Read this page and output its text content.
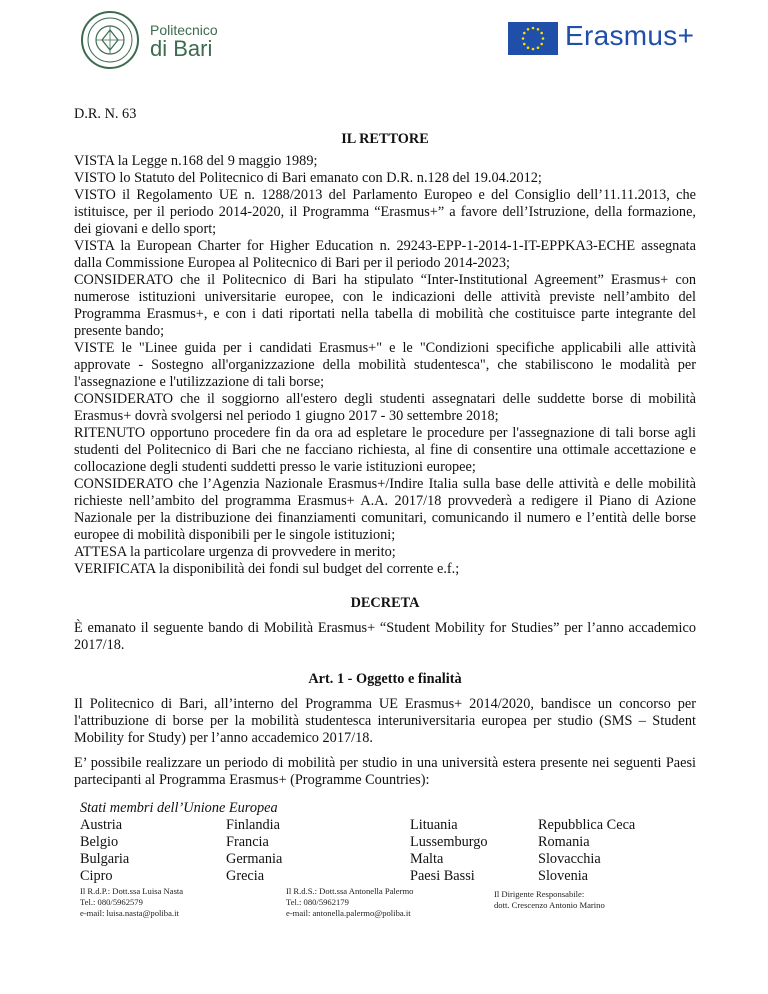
Politecnico
di Bari	Erasmus+

D.R. N. 63

IL RETTORE

VISTA la Legge n.168 del 9 maggio 1989;

VISTO lo Statuto del Politecnico di Bari emanato con D.R. n.128 del 19.04.2012;

VISTO il Regolamento UE n. 1288/2013 del Parlamento Europeo e del Consiglio dell’11.11.2013, che istituisce, per il periodo 2014-2020, il Programma “Erasmus+” a favore dell’Istruzione, della formazione, dei giovani e dello sport;

VISTA la European Charter for Higher Education n. 29243-EPP-1-2014-1-IT-EPPKA3-ECHE assegnata dalla Commissione Europea al Politecnico di Bari per il periodo 2014-2023;

CONSIDERATO che il Politecnico di Bari ha stipulato “Inter-Institutional Agreement” Erasmus+ con numerose istituzioni universitarie europee, con le indicazioni delle attività previste nell’ambito del Programma Erasmus+, e con i dati riportati nella tabella di mobilità che costituisce parte integrante del presente bando;

VISTE le "Linee guida per i candidati Erasmus+" e le "Condizioni specifiche applicabili alle attività approvate - Sostegno all'organizzazione della mobilità studentesca", che stabiliscono le modalità per l'assegnazione e l'utilizzazione di tali borse;

CONSIDERATO che il soggiorno all'estero degli studenti assegnatari delle suddette borse di mobilità Erasmus+ dovrà svolgersi nel periodo 1 giugno 2017 - 30 settembre 2018;

RITENUTO opportuno procedere fin da ora ad espletare le procedure per l'assegnazione di tali borse agli studenti del Politecnico di Bari che ne facciano richiesta, al fine di consentire una ottimale accettazione e collocazione degli studenti suddetti presso le varie istituzioni europee;

CONSIDERATO che l’Agenzia Nazionale Erasmus+/Indire Italia sulla base delle attività e delle mobilità richieste nell’ambito del programma Erasmus+ A.A. 2017/18 provvederà a redigere il Piano di Azione Nazionale per la distribuzione dei finanziamenti comunitari, comunicando il numero e l’entità delle borse europee di mobilità disponibili per le singole istituzioni;

ATTESA la particolare urgenza di provvedere in merito;

VERIFICATA la disponibilità dei fondi sul budget del corrente e.f.;

DECRETA

È emanato il seguente bando di Mobilità Erasmus+ “Student Mobility for Studies” per l’anno accademico 2017/18.

Art. 1 - Oggetto e finalità

Il Politecnico di Bari, all’interno del Programma UE Erasmus+ 2014/2020, bandisce un concorso per l'attribuzione di borse per la mobilità studentesca interuniversitaria europea per studio (SMS – Student Mobility for Study) per l’anno accademico 2017/18.

E’ possibile realizzare un periodo di mobilità per studio in una università estera presente nei seguenti Paesi partecipanti al Programma Erasmus+ (Programme Countries):

Stati membri dell’Unione Europea
Austria
Belgio
Bulgaria
Cipro
Finlandia
Francia
Germania
Grecia
Lituania
Lussemburgo
Malta
Paesi Bassi
Repubblica Ceca
Romania
Slovacchia
Slovenia
Il R.d.P.: Dott.ssa Luisa Nasta
Tel.: 080/5962579
e-mail: luisa.nasta@poliba.it
Il R.d.S.: Dott.ssa Antonella Palermo
Tel.: 080/5962179
e-mail: antonella.palermo@poliba.it
Il Dirigente Responsabile:
dott. Crescenzo Antonio Marino
